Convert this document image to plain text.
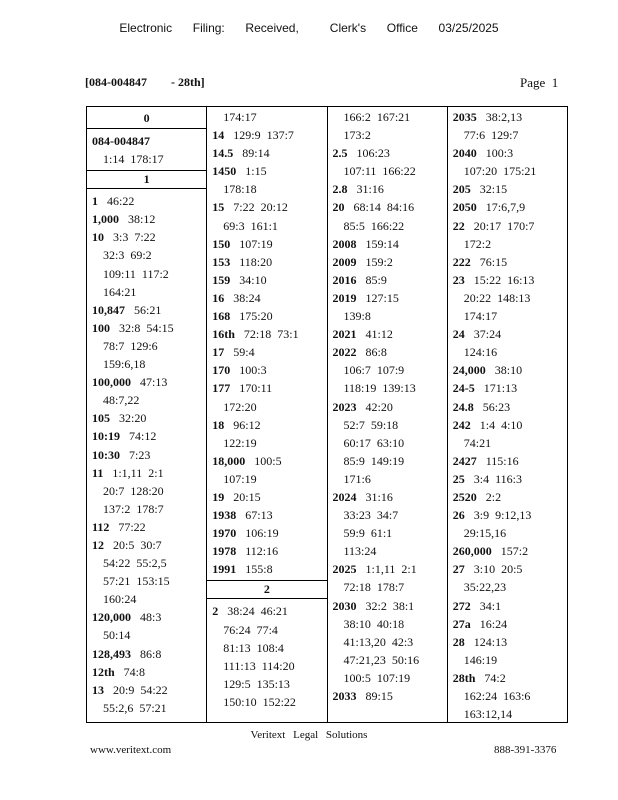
Electronic  Filing:  Received,   Clerk's  Office  03/25/2025
[084-004847        - 28th]	Page  1
0
084-004847
1:14  178:17
1
1 46:22
1,000 38:12
10 3:3  7:22
32:3  69:2
109:11  117:2
164:21
10,847 56:21
100 32:8  54:15
78:7  129:6
159:6,18
100,000 47:13
48:7,22
105 32:20
10:19 74:12
10:30 7:23
11 1:1,11  2:1
20:7  128:20
137:2  178:7
112 77:22
12 20:5  30:7
54:22  55:2,5
57:21  153:15
160:24
120,000 48:3
50:14
128,493 86:8
12th 74:8
13 20:9  54:22
55:2,6  57:21
174:17
14 129:9  137:7
14.5 89:14
1450 1:15
178:18
15 7:22  20:12
69:3  161:1
150 107:19
153 118:20
159 34:10
16 38:24
168 175:20
16th 72:18  73:1
17 59:4
170 100:3
177 170:11
172:20
18 96:12
122:19
18,000 100:5
107:19
19 20:15
1938 67:13
1970 106:19
1978 112:16
1991 155:8
2
2 38:24  46:21
76:24  77:4
81:13  108:4
111:13  114:20
129:5  135:13
150:10  152:22
166:2  167:21
173:2
2.5 106:23
107:11  166:22
2.8 31:16
20 68:14  84:16
85:5  166:22
2008 159:14
2009 159:2
2016 85:9
2019 127:15
139:8
2021 41:12
2022 86:8
106:7  107:9
118:19  139:13
2023 42:20
52:7  59:18
60:17  63:10
85:9  149:19
171:6
2024 31:16
33:23  34:7
59:9  61:1
113:24
2025 1:1,11  2:1
72:18  178:7
2030 32:2  38:1
38:10  40:18
41:13,20  42:3
47:21,23  50:16
100:5  107:19
2033 89:15
2035 38:2,13
77:6  129:7
2040 100:3
107:20  175:21
205 32:15
2050 17:6,7,9
22 20:17  170:7
172:2
222 76:15
23 15:22  16:13
20:22  148:13
174:17
24 37:24
124:16
24,000 38:10
24-5 171:13
24.8 56:23
242 1:4  4:10
74:21
2427 115:16
25 3:4  116:3
2520 2:2
26 3:9  9:12,13
29:15,16
260,000 157:2
27 3:10  20:5
35:22,23
272 34:1
27a 16:24
28 124:13
146:19
28th 74:2
162:24  163:6
163:12,14
Veritext Legal Solutions
www.veritext.com	888-391-3376
